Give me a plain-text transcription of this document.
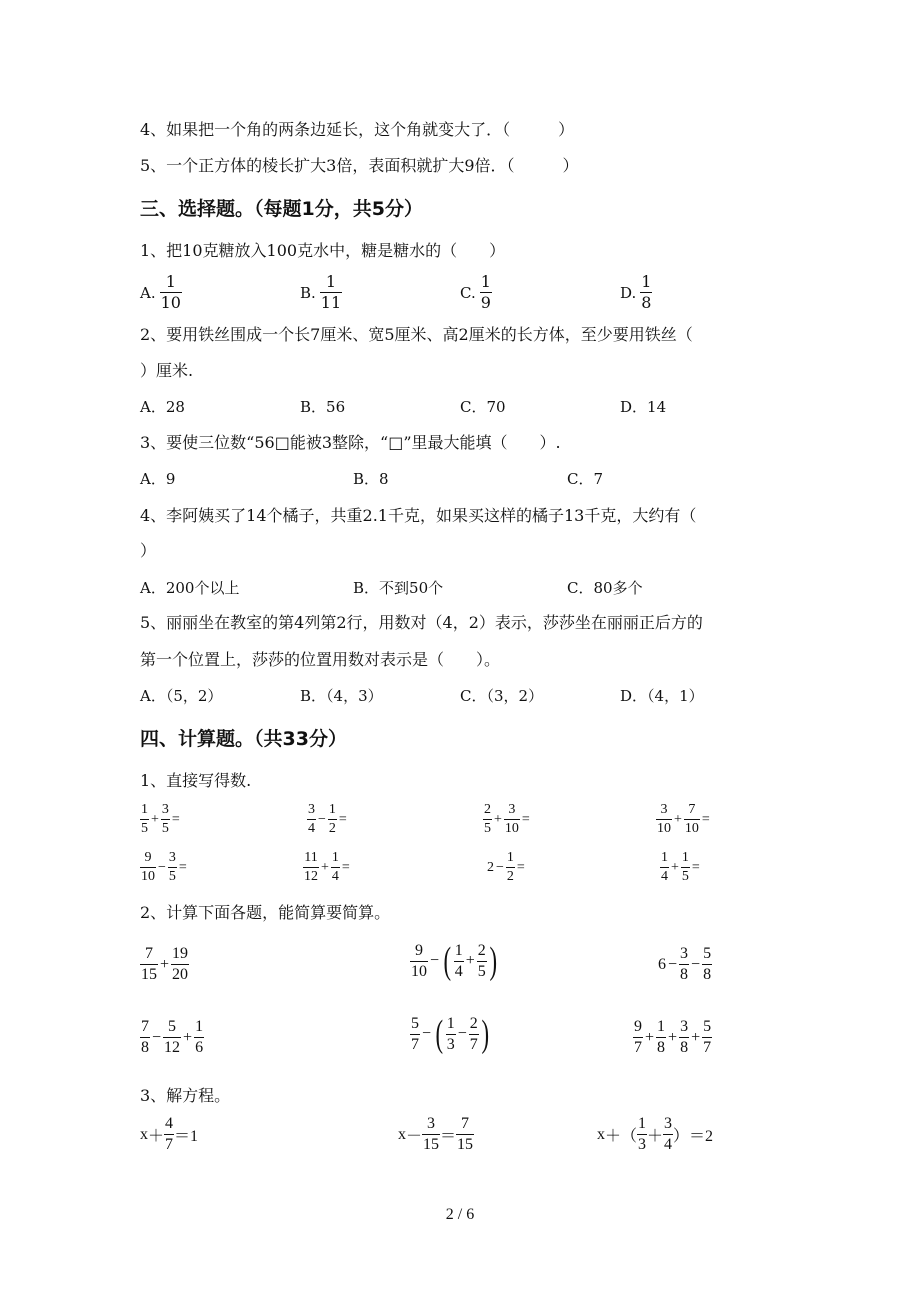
4、如果把一个角的两条边延长，这个角就变大了．（　　　）
5、一个正方体的棱长扩大3倍，表面积就扩大9倍．（　　　）
三、选择题。（每题1分，共5分）
1、把10克糖放入100克水中，糖是糖水的（　　）
A. $\frac{1}{10}$	B. $\frac{1}{11}$	C. $\frac{1}{9}$	D. $\frac{1}{8}$
2、要用铁丝围成一个长7厘米、宽5厘米、高2厘米的长方体，至少要用铁丝（
）厘米.
A．28	B．56	C．70	D．14
3、要使三位数“56□能被3整除，“□”里最大能填（　　）.
A．9	B．8	C．7
4、李阿姨买了14个橘子，共重2.1千克，如果买这样的橘子13千克，大约有（
）
A．200个以上	B．不到50个	C．80多个
5、丽丽坐在教室的第4列第2行，用数对（4，2）表示，莎莎坐在丽丽正后方的
第一个位置上，莎莎的位置用数对表示是（　　）。
A．（5，2）	B．（4，3）	C．（3，2）	D．（4，1）
四、计算题。（共33分）
1、直接写得数.
$\frac{1}{5} + \frac{3}{5}$ =	$\frac{3}{4} - \frac{1}{2}$ =	$\frac{2}{5} + \frac{3}{10}$ =	$\frac{3}{10} + \frac{7}{10}$ =
$\frac{9}{10} - \frac{3}{5}$ =	$\frac{11}{12} + \frac{1}{4}$ =	$2 - \frac{1}{2}$ =	$\frac{1}{4} + \frac{1}{5}$ =
2、计算下面各题，能简算要简算。
$\frac{7}{15} + \frac{19}{20}$	$\frac{9}{10}$ − ( $\frac{1}{4} + \frac{2}{5}$ )	$6 - \frac{3}{8} - \frac{5}{8}$
$\frac{7}{8} - \frac{5}{12} + \frac{1}{6}$	$\frac{5}{7}$ − ( $\frac{1}{3} - \frac{2}{7}$ )	$\frac{9}{7} + \frac{1}{8} + \frac{3}{8} + \frac{5}{7}$
3、解方程。
$x + \frac{4}{7} =1$	$x - \frac{3}{15} = \frac{7}{15}$	x ＋ （ $\frac{1}{3} + \frac{3}{4} )=2$
2 / 6
